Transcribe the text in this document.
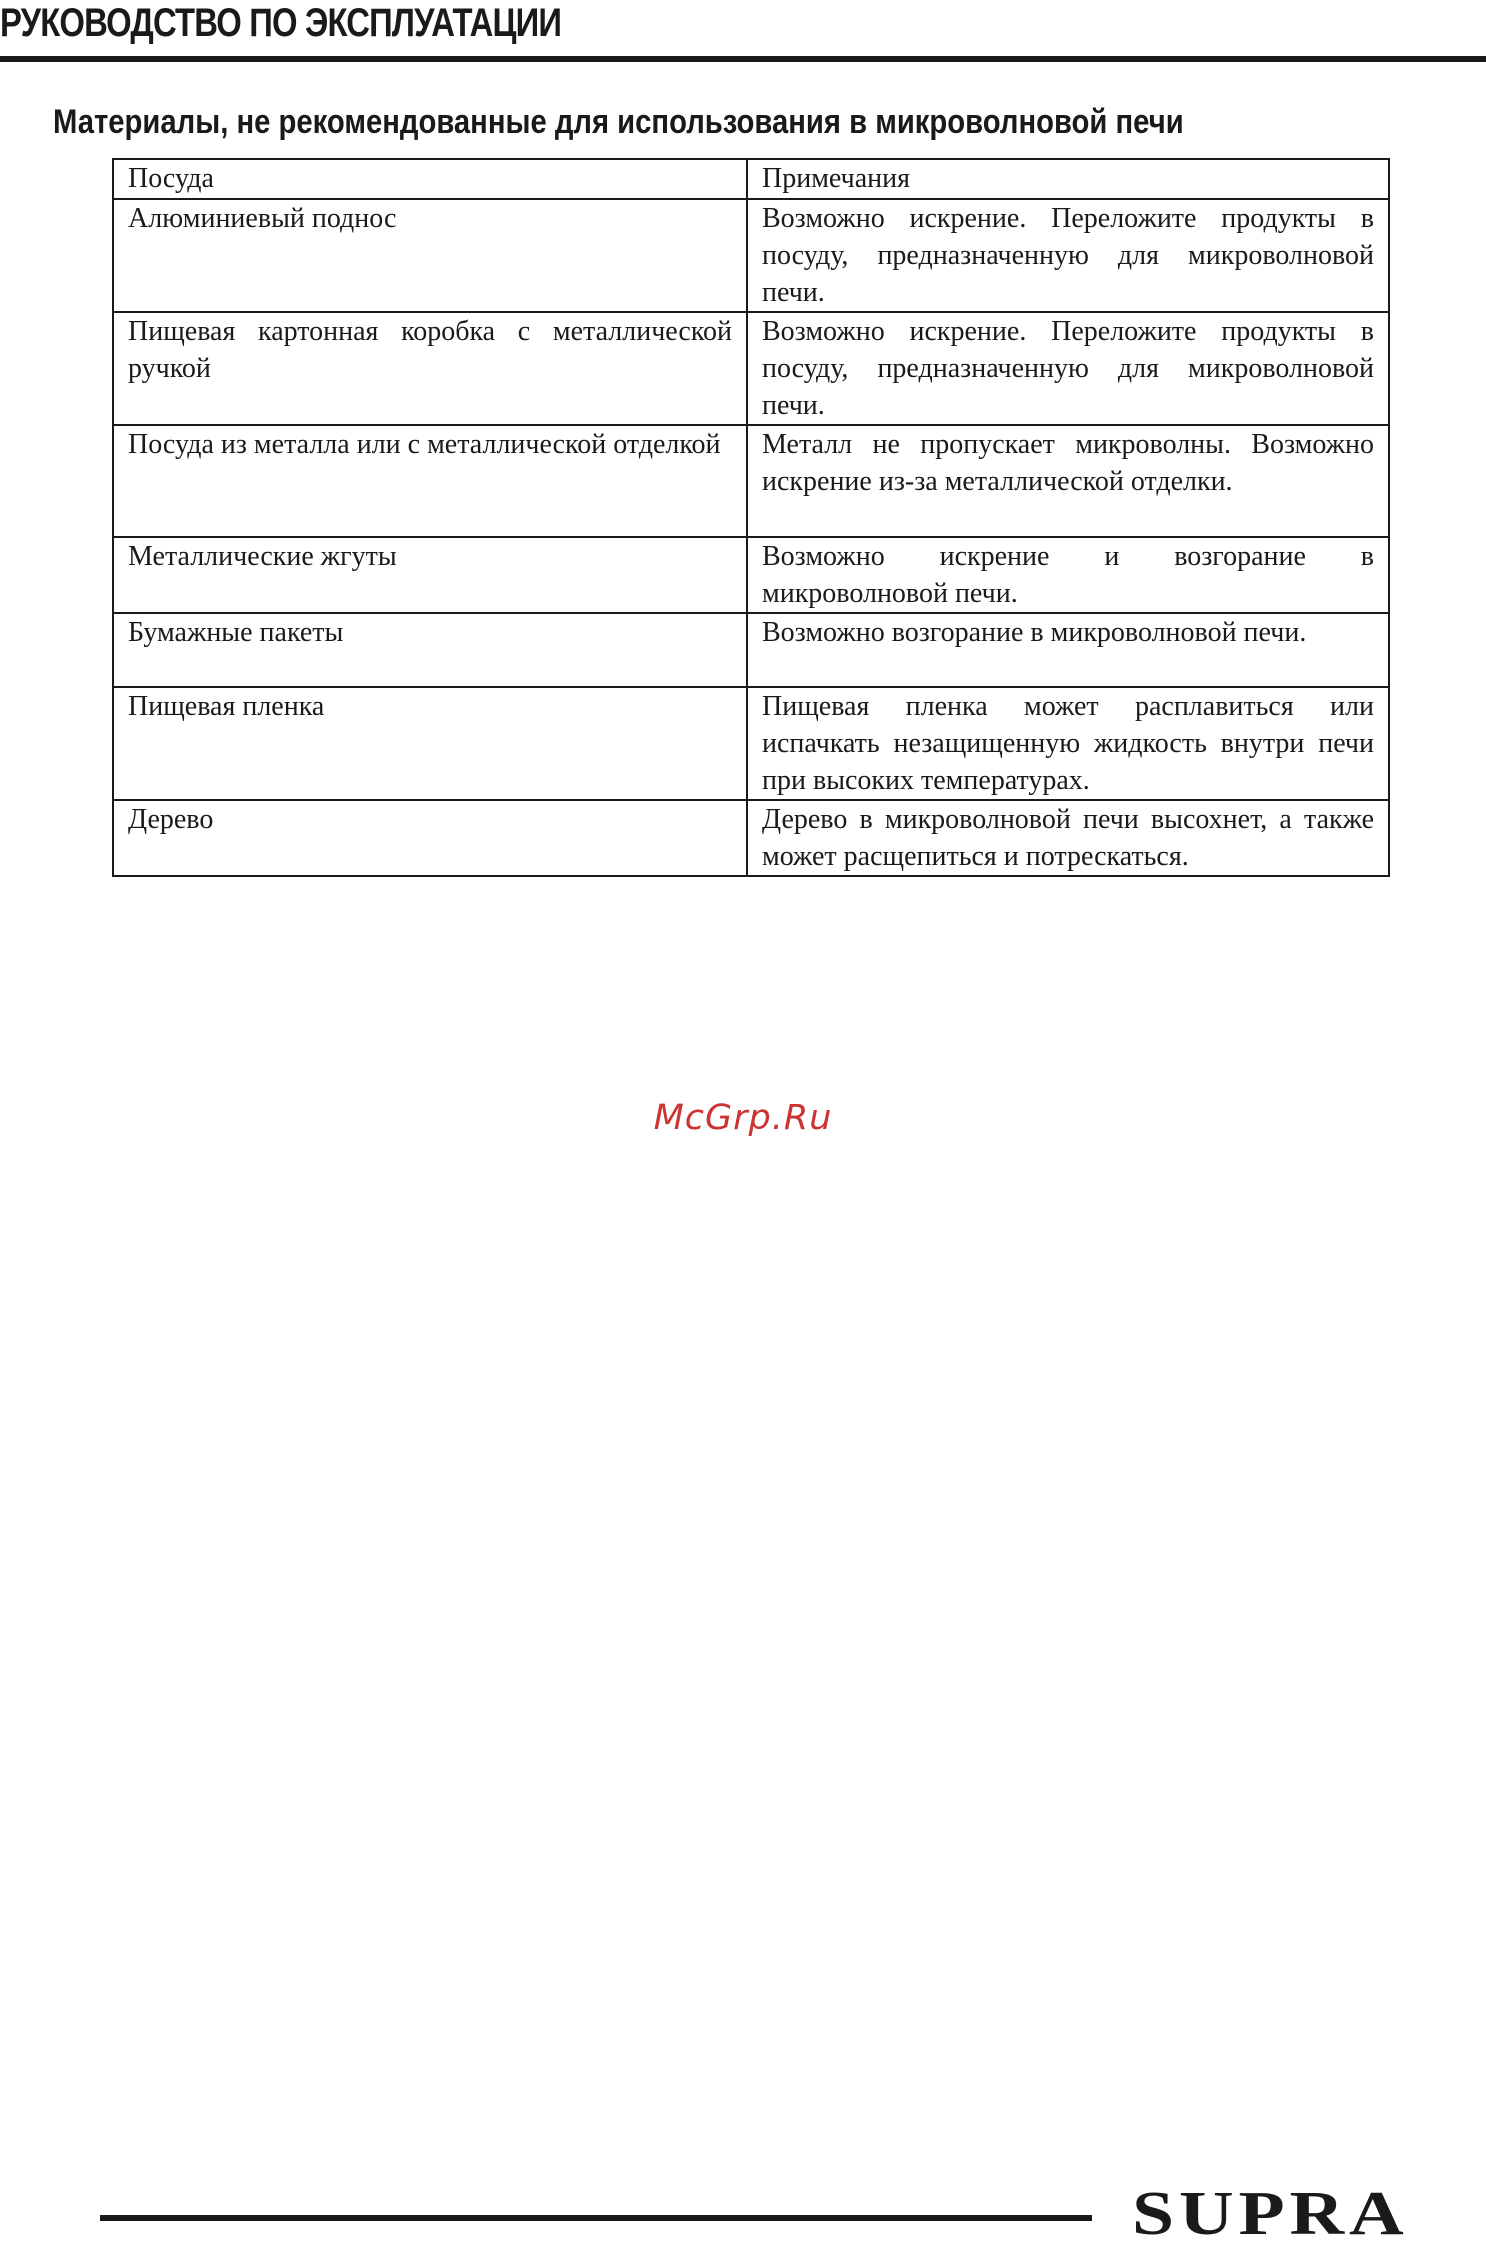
РУКОВОДСТВО ПО ЭКСПЛУАТАЦИИ
Материалы, не рекомендованные для использования в микроволновой печи
Посуда	Примечания
Алюминиевый поднос	Возможно искрение. Переложите продукты в посуду, предназначенную для микроволновой печи.
Пищевая картонная коробка с металлической ручкой	Возможно искрение. Переложите продукты в посуду, предназначенную для микроволновой печи.
Посуда из металла или с металлической отделкой	Металл не пропускает микроволны. Возможно искрение из-за металлической отделки.
Металлические жгуты	Возможно искрение и возгорание в микроволновой печи.
Бумажные пакеты	Возможно возгорание в микроволновой печи.
Пищевая пленка	Пищевая пленка может расплавиться или испачкать незащищенную жидкость внутри печи при высоких температурах.
Дерево	Дерево в микроволновой печи высохнет, а также может расщепиться и потрескаться.
McGrp.Ru
SUPRA
